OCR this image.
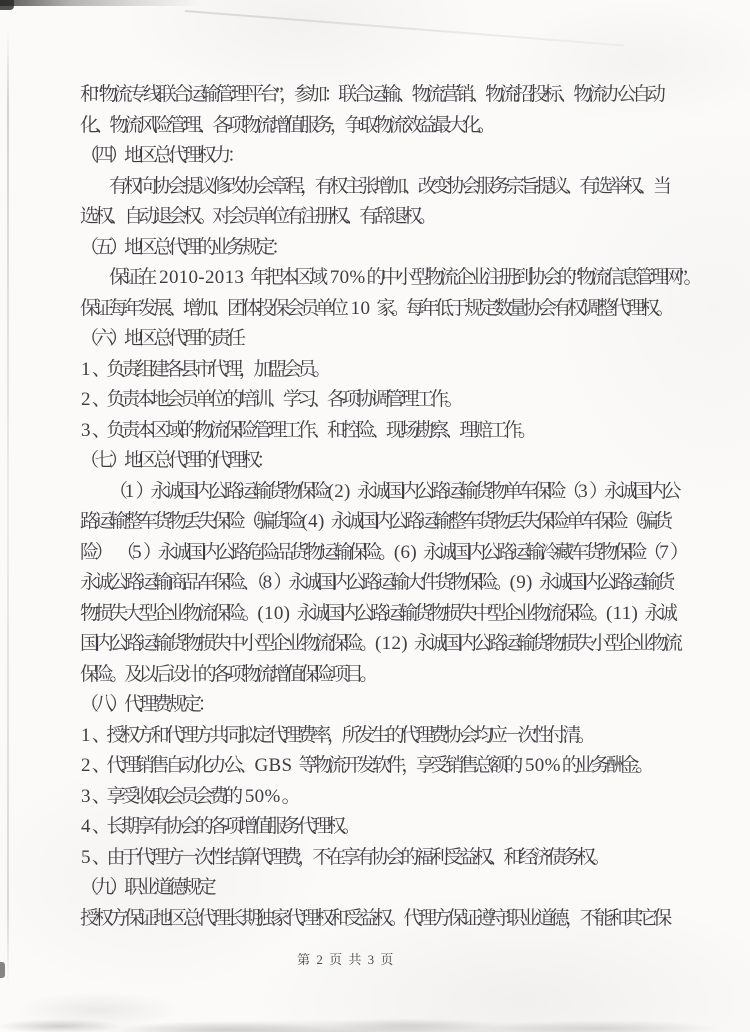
和“物流专线联合运输管理平台”，参加：联合运输、物流营销、物流招投标、物流办公自动
化、物流风险管理、各项物流增值服务，争取物流效益最大化。
（四）地区总代理权力：
有权向协会提议修改协会章程，有权主张增加、改变协会服务宗旨提议、有选举权、当
选权、自动退会权。对会员单位有注册权、有辞退权。
（五）地区总代理的业务规定：
保证在 2010-2013 年把本区域 70%的中小型物流企业注册到协会的“物流信息管理网”。
保证每年发展、增加、团体投保会员单位 10 家。每年低于规定数量协会有权调整代理权。
（六）地区总代理的责任
1、负责组建各县市代理，加盟会员。
2、负责本地会员单位的培训、学习、各项协调管理工作。
3、负责本区域的物流保险管理工作、和控险、现场勘察、理赔工作。
（七）地区总代理的代理权：
（1）永诚国内公路运输货物保险(2) 永诚国内公路运输货物单车保险（3）永诚国内公
路运输整车货物丢失保险（骗货险(4) 永诚国内公路运输整车货物丢失保险单车保险（骗货
险） （5）永诚国内公路危险品货物运输保险。(6) 永诚国内公路运输冷藏车货物保险（7）
永诚公路运输商品车保险、（8）永诚国内公路运输大件货物保险。(9) 永诚国内公路运输货
物损失大型企业物流保险。(10) 永诚国内公路运输货物损失中型企业物流保险。(11) 永诚
国内公路运输货物损失中小型企业物流保险。(12) 永诚国内公路运输货物损失小型企业物流
保险。及以后设计的各项物流增值保险项目。
（八）代理费规定：
1、授权方和代理方共同拟定代理费率，所发生的代理费协会均应一次性付清。
2、代理销售自动化办公、GBS 等物流开发软件，享受销售总额的 50%的业务酬金。
3、享受收取会员会费的 50%。
4、长期享有协会的各项增值服务代理权。
5、由于代理方一次性结算代理费，不在享有协会的福利受益权、和经济债务权。
（九）职业道德规定
授权方保证地区总代理长期独家代理权和受益权。代理方保证遵守职业道德，不能和其它保
第 2 页 共 3 页
